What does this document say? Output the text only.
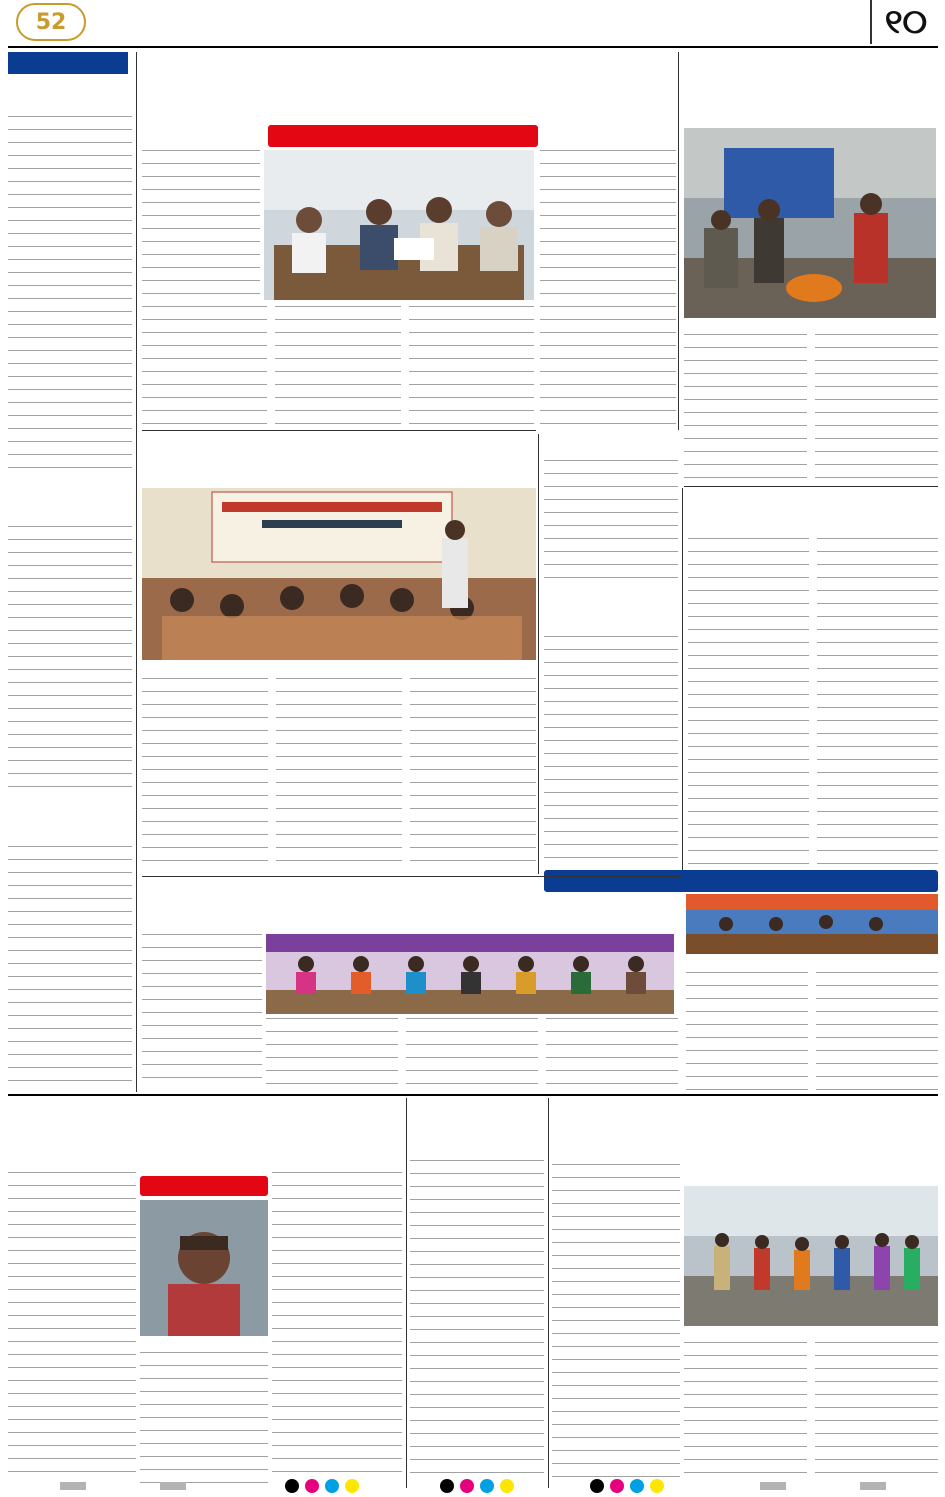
52	୧୦
